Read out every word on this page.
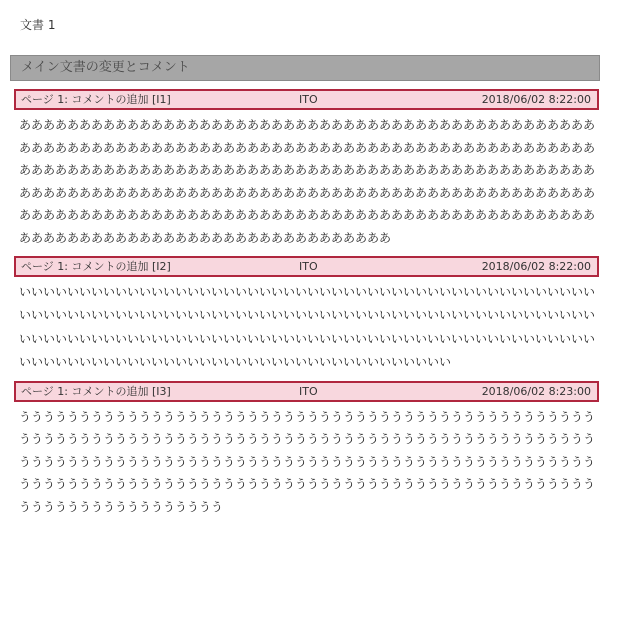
文書 1
メイン文書の変更とコメント
ページ 1: コメントの追加 [I1]	ITO	2018/06/02 8:22:00
あああああああああああああああああああああああああああああああああああああああああああああああああああああああああああああああああああああああああああああああああああああああああああああああああああああああああああああああああああああああああああああああああああああああああああああああああああああああああああああああああああああああああああああああああああああああああああああああああああああああああああああああああああああああああああああああああああああああああああああああああああああああああああああああああああああああああああああああ
ページ 1: コメントの追加 [I2]	ITO	2018/06/02 8:22:00
いいいいいいいいいいいいいいいいいいいいいいいいいいいいいいいいいいいいいいいいいいいいいいいいいいいいいいいいいいいいいいいいいいいいいいいいいいいいいいいいいいいいいいいいいいいいいいいいいいいいいいいいいいいいいいいいいいいいいいいいいいいいいいいいいいいいいいいいいいいいいいいいいいいいいいいいいいいいいいいいいいいいいいいいいいいいいいいいいいいい
ページ 1: コメントの追加 [I3]	ITO	2018/06/02 8:23:00
ううううううううううううううううううううううううううううううううううううううううううううううううううううううううううううううううううううううううううううううううううううううううううううううううううううううううううううううううううううううううううううううううううううううううううううううううううううううううううううううううううううううううううううううううううううううううううううううううううううううううううううううううう
